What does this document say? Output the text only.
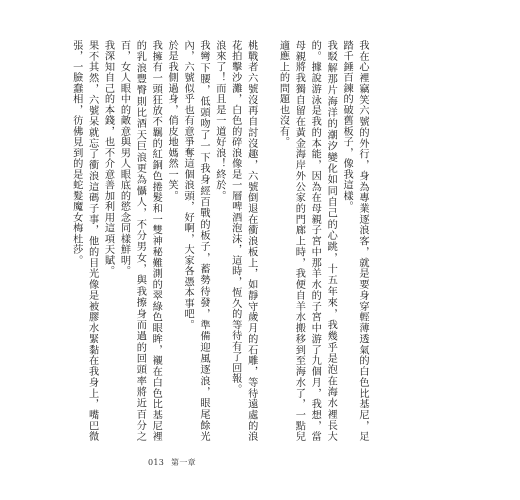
我在心裡竊笑六號的外行，身為專業逐浪客，就是要身穿輕薄透氣的白色比基尼，足踏千錘百鍊的破舊板子，像我這樣。

我駁解那片海洋的潮汐變化如同自己的心跳，十五年來，我幾乎是泡在海水裡長大的。據說游泳是我的本能，因為在母親子宮中那羊水的子宮中游了九個月，我想，當母親將我獨自留在黃金海岸外公家的門廊上時，我便自羊水搬移到至海水了，一點兒適應上的問題也沒有。

桃戰者六號沒再自討沒趣，六號倒退在衝浪板上，如靜守歲月的石雕，等待遠處的浪花拍擊沙灘，白色的碎浪像是一層啤酒泡沫，這時，恆久的等待有了回報。

浪來了！而且是一道好浪！終於。

我彎下腰，低頭吻了一下我身經百戰的板子，蓄勢待發，準備迎風逐浪，眼尾餘光內，六號似乎也有意爭奪這個浪頭，好啊，大家各憑本事吧。

於是我側過身，俏皮地媽然一笑。

我擁有一頭狂放不羈的紅銅色捲髮和一雙神秘難測的翠綠色眼眸，襯在白色比基尼裡的乳浪豐臀則比酒天巨浪更為懾人，不分男女，與我擦身而過的回頭率將近百分之百，女人眼中的敵意與男人眼底的慾念同樣鮮明。

我深知自己的本錢，也不介意善加利用這項天賦。

果不其然，六號呆就忘了衝浪這碼子事，他的目光像是被膠水緊黏在我身上，嘴巴微張，一臉蠢相，彷佛見到的是蛇髮魔女梅杜莎。

013 第一章
